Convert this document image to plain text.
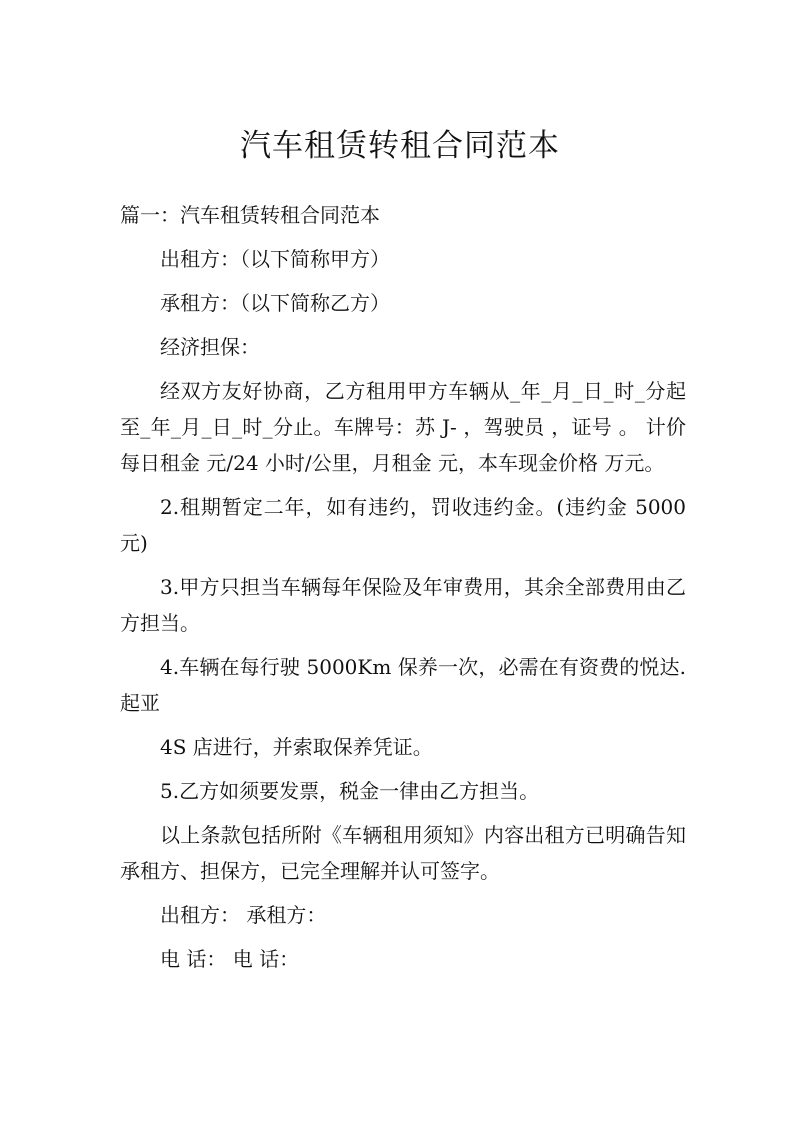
汽车租赁转租合同范本

篇一：汽车租赁转租合同范本

出租方：（以下简称甲方）

承租方：（以下简称乙方）

经济担保：

经双方友好协商，乙方租用甲方车辆从_年_月_日_时_分起至_年_月_日_时_分止。车牌号：苏 J- ，驾驶员 ，证号 。 计价每日租金 元/24 小时/公里，月租金 元，本车现金价格 万元。

2.租期暂定二年，如有违约，罚收违约金。(违约金 5000 元)

3.甲方只担当车辆每年保险及年审费用，其余全部费用由乙方担当。

4.车辆在每行驶 5000Km 保养一次，必需在有资费的悦达.起亚

4S 店进行，并索取保养凭证。

5.乙方如须要发票，税金一律由乙方担当。

以上条款包括所附《车辆租用须知》内容出租方已明确告知承租方、担保方，已完全理解并认可签字。

出租方： 承租方：

电 话： 电 话：
